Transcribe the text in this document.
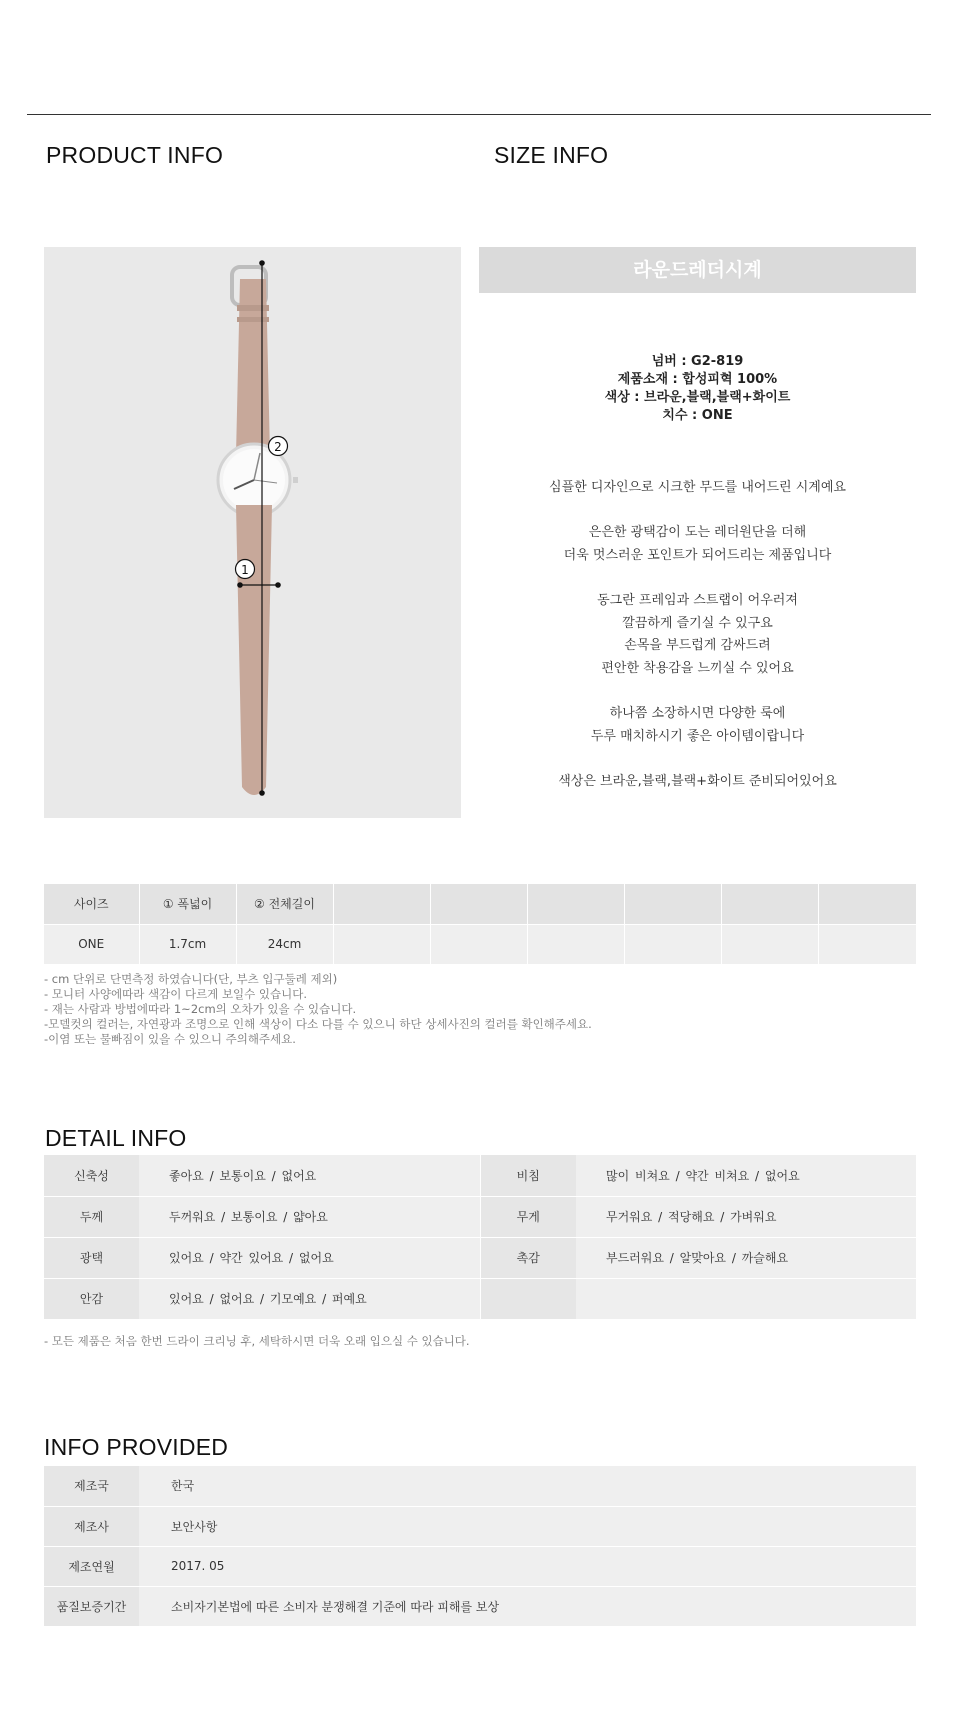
PRODUCT INFO	SIZE INFO
2
1
라운드레더시계
넘버 : G2-819
제품소재 : 합성피혁 100%
색상 : 브라운,블랙,블랙+화이트
치수 : ONE

심플한 디자인으로 시크한 무드를 내어드린 시계예요

은은한 광택감이 도는 레더원단을 더해

더욱 멋스러운 포인트가 되어드리는 제품입니다

동그란 프레임과 스트랩이 어우러져

깔끔하게 즐기실 수 있구요

손목을 부드럽게 감싸드려

편안한 착용감을 느끼실 수 있어요

하나쯤 소장하시면 다양한 룩에

두루 매치하시기 좋은 아이템이랍니다

색상은 브라운,블랙,블랙+화이트 준비되어있어요

사이즈	① 폭넓이	② 전체길이						
ONE	1.7cm	24cm						
- cm 단위로 단면측정 하였습니다(단, 부츠 입구둘레 제외)
- 모니터 사양에따라 색감이 다르게 보일수 있습니다.
- 재는 사람과 방법에따라 1~2cm의 오차가 있을 수 있습니다.
-모델컷의 컬러는, 자연광과 조명으로 인해 색상이 다소 다를 수 있으니 하단 상세사진의 컬러를 확인해주세요.
-이염 또는 물빠짐이 있을 수 있으니 주의해주세요.
DETAIL INFO
신축성	좋아요 / 보통이요 / 없어요	비침	많이 비쳐요 / 약간 비쳐요 / 없어요
두께	두꺼워요 / 보통이요 / 얇아요	무게	무거워요 / 적당해요 / 가벼워요
광택	있어요 / 약간 있어요 / 없어요	촉감	부드러워요 / 알맞아요 / 까슬해요
안감	있어요 / 없어요 / 기모예요 / 퍼예요		
- 모든 제품은 처음 한번 드라이 크리닝 후, 세탁하시면 더욱 오래 입으실 수 있습니다.
INFO PROVIDED
제조국	한국
제조사	보안사항
제조연월	2017. 05
품질보증기간	소비자기본법에 따른 소비자 분쟁해결 기준에 따라 피해를 보상
